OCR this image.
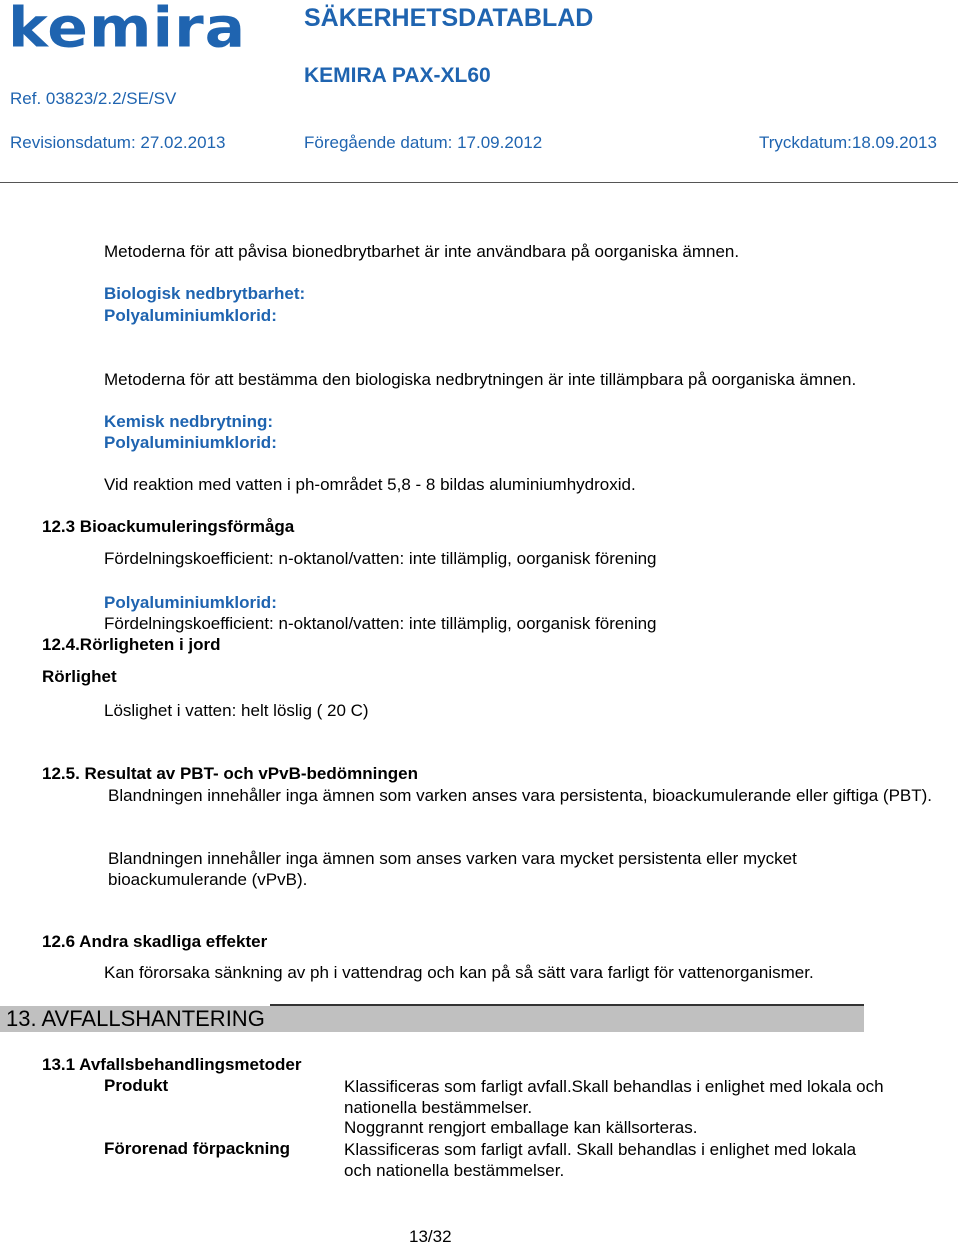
kemira SÄKERHETSDATABLAD
KEMIRA PAX-XL60
Ref. 03823/2.2/SE/SV
Revisionsdatum: 27.02.2013	Föregående datum: 17.09.2012	Tryckdatum:18.09.2013
Metoderna för att påvisa bionedbrytbarhet är inte användbara på oorganiska ämnen.
Biologisk nedbrytbarhet:
Polyaluminiumklorid:
Metoderna för att bestämma den biologiska nedbrytningen är inte tillämpbara på oorganiska ämnen.
Kemisk nedbrytning:
Polyaluminiumklorid:
Vid reaktion med vatten i ph-området 5,8 - 8 bildas aluminiumhydroxid.
12.3 Bioackumuleringsförmåga
Fördelningskoefficient: n-oktanol/vatten: inte tillämplig, oorganisk förening
Polyaluminiumklorid:
Fördelningskoefficient: n-oktanol/vatten: inte tillämplig, oorganisk förening
12.4.Rörligheten i jord
Rörlighet
Löslighet i vatten: helt löslig ( 20 C)
12.5. Resultat av PBT- och vPvB-bedömningen
Blandningen innehåller inga ämnen som varken anses vara persistenta, bioackumulerande eller giftiga (PBT).
Blandningen innehåller inga ämnen som anses varken vara mycket persistenta eller mycket bioackumulerande (vPvB).
12.6 Andra skadliga effekter
Kan förorsaka sänkning av ph i vattendrag och kan på så sätt vara farligt för vattenorganismer.
13. AVFALLSHANTERING
13.1 Avfallsbehandlingsmetoder
Produkt	Klassificeras som farligt avfall.Skall behandlas i enlighet med lokala och nationella bestämmelser.
Noggrannt rengjort emballage kan källsorteras.
Förorenad förpackning	Klassificeras som farligt avfall. Skall behandlas i enlighet med lokala och nationella bestämmelser.
13/32
